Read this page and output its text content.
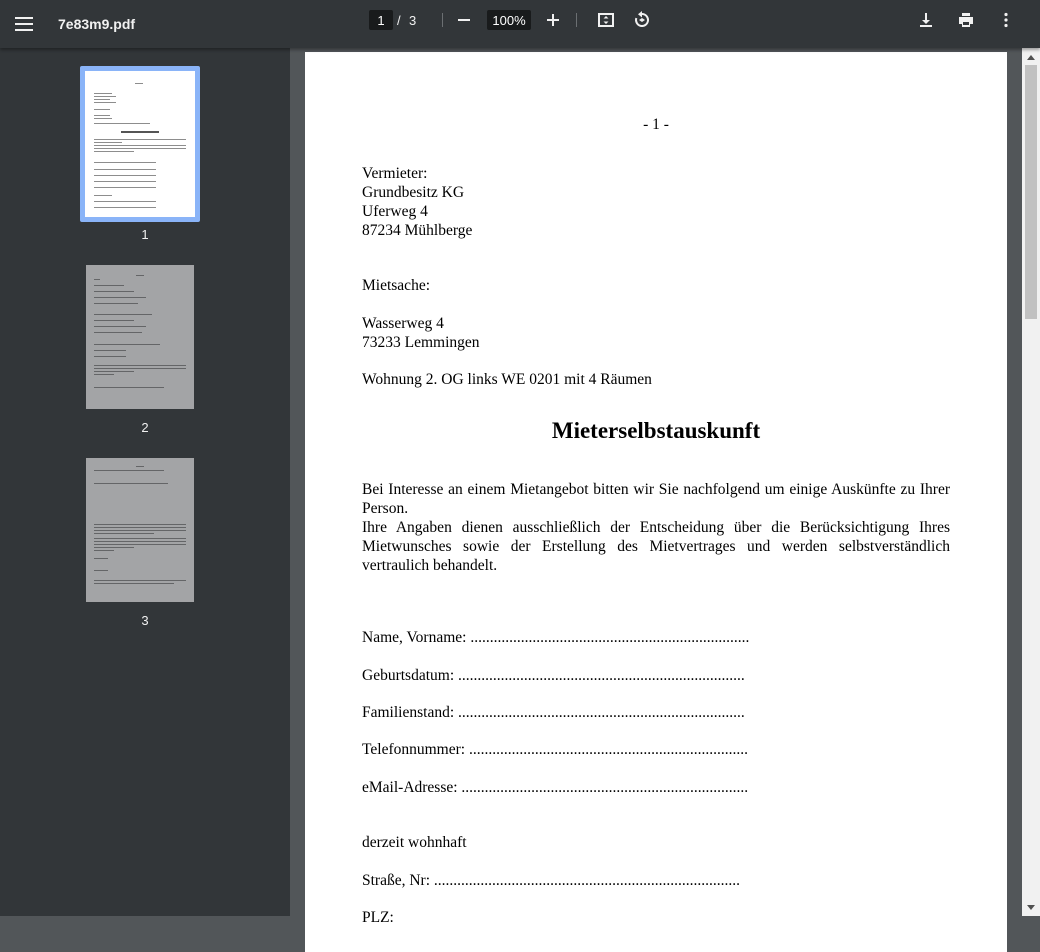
7e83m9.pdf	1 / 3	100%
1
2
3
- 1 -
Vermieter:
Grundbesitz KG
Uferweg 4
87234 Mühlberge
Mietsache:
Wasserweg 4
73233 Lemmingen
Wohnung 2. OG links WE 0201 mit 4 Räumen
Mieterselbstauskunft

Bei Interesse an einem Mietangebot bitten wir Sie nachfolgend um einige Auskünfte zu Ihrer Person.

Ihre Angaben dienen ausschließlich der Entscheidung über die Berücksichtigung Ihres Mietwunsches sowie der Erstellung des Mietvertrages und werden selbstverständlich vertraulich behandelt.

Name, Vorname: ........................................................................
Geburtsdatum: ..........................................................................
Familienstand: ..........................................................................
Telefonnummer: ........................................................................
eMail-Adresse: ..........................................................................
derzeit wohnhaft
Straße, Nr: ...............................................................................
PLZ:
